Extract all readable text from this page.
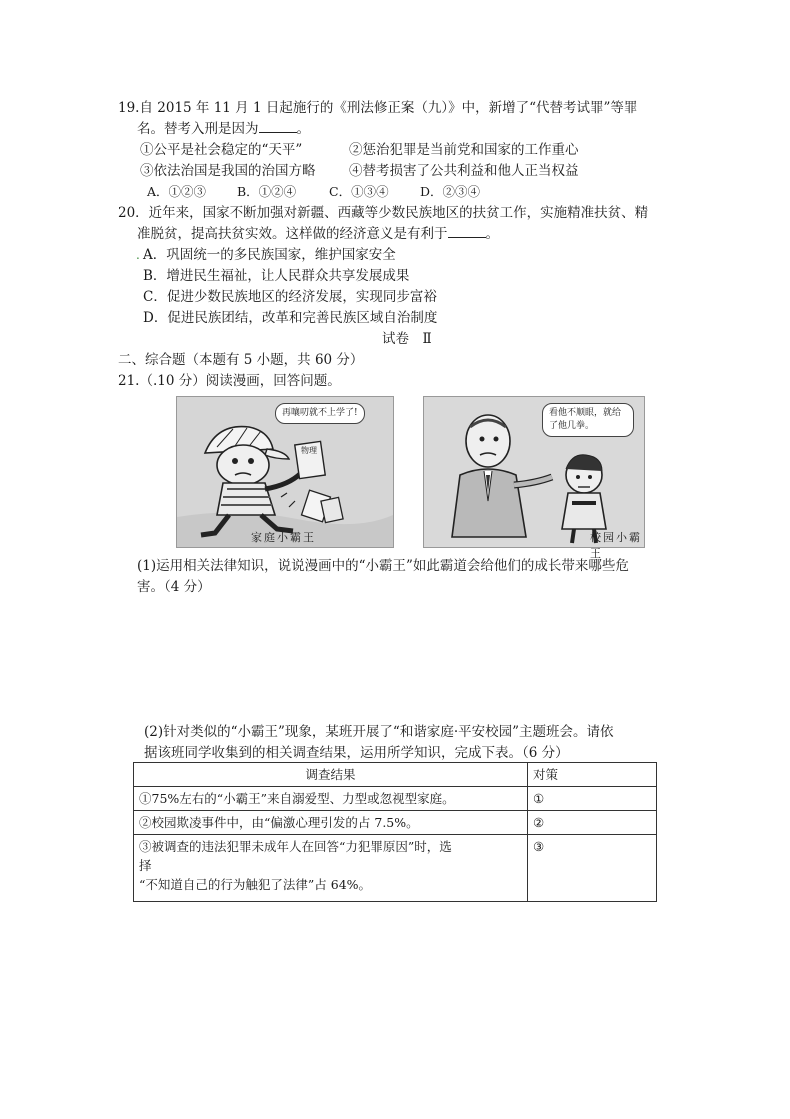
19.自 2015 年 11 月 1 日起施行的《刑法修正案（九）》中，新增了“代替考试罪”等罪
名。替考入刑是因为	。
①公平是社会稳定的“天平”	②惩治犯罪是当前党和国家的工作重心
③依法治国是我国的治国方略 ④替考损害了公共利益和他人正当权益
A．①②③ B．①②④	C．①③④	D．②③④
20．近年来，国家不断加强对新疆、西藏等少数民族地区的扶贫工作，实施精准扶贫、精
准脱贫，提高扶贫实效。这样做的经济意义是有利于	。
. A．巩固统一的多民族国家，维护国家安全
B．增进民生福祉，让人民群众共享发展成果
C．促进少数民族地区的经济发展，实现同步富裕
D．促进民族团结，改革和完善民族区域自治制度
试卷　Ⅱ
二、综合题（本题有 5 小题，共 60 分）
21.（.10 分）阅读漫画，回答问题。
再嚷叨就不上学了!
物理
家庭小霸王
看他不顺眼，就给
了他几拳。
校园小霸王
(1)运用相关法律知识，说说漫画中的“小霸王”如此霸道会给他们的成长带来哪些危
害。（4 分）
(2)针对类似的“小霸王”现象，某班开展了“和谐家庭·平安校园”主题班会。请依
据该班同学收集到的相关调查结果，运用所学知识，完成下表。（6 分）
调查结果	对策
①75%左右的“小霸王”来自溺爱型、力型或忽视型家庭。	①
②校园欺凌事件中，由“偏激心理引发的占 7.5%。	②

③被调查的违法犯罪未成年人在回答“力犯罪原因”时，选
择
“不知道自己的行为触犯了法律”占 64%。	③
